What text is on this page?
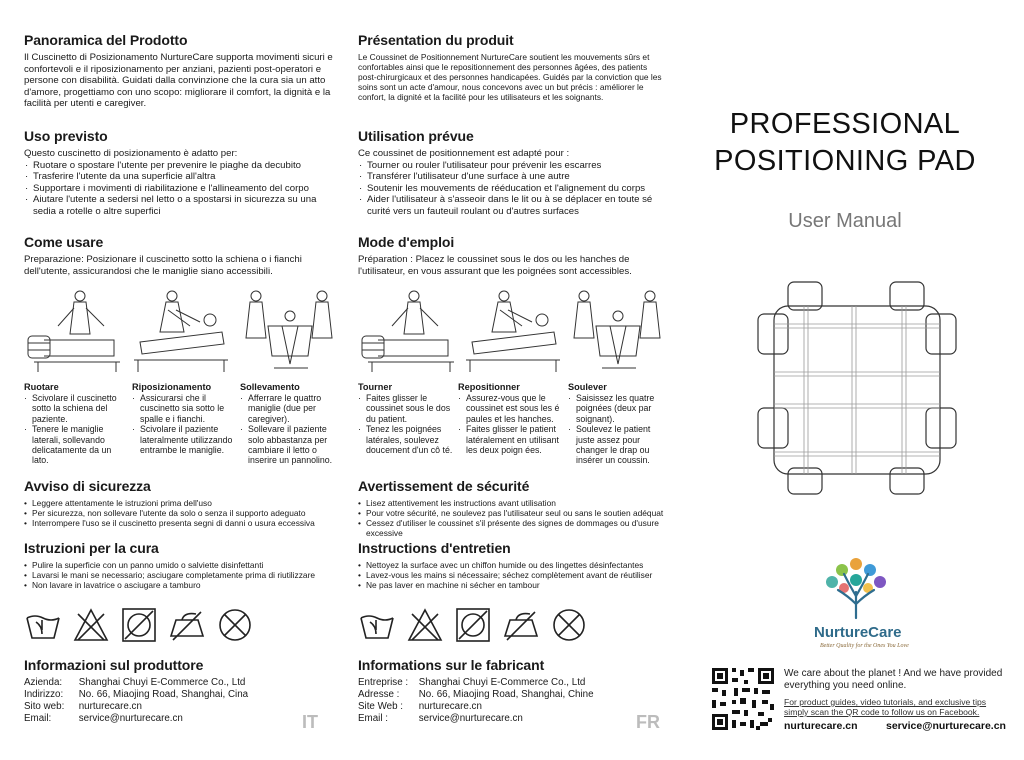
Panoramica del Prodotto

Il Cuscinetto di Posizionamento NurtureCare supporta movimenti sicuri e confortevoli e il riposizionamento per anziani, pazienti post-operatori e persone con disabilità. Guidati dalla convinzione che la cura sia un atto d'amore, progettiamo con uno scopo: migliorare il comfort, la dignità e la facilità per utenti e caregiver.

Uso previsto

Questo cuscinetto di posizionamento è adatto per:

· Ruotare o spostare l'utente per prevenire le piaghe da decubito
· Trasferire l'utente da una superficie all'altra
· Supportare i movimenti di riabilitazione e l'allineamento del corpo
· Aiutare l'utente a sedersi nel letto o a spostarsi in sicurezza su una sedia a rotelle o altre superfici
Come usare

Preparazione: Posizionare il cuscinetto sotto la schiena o i fianchi dell'utente, assicurandosi che le maniglie siano accessibili.

Ruotare

· Scivolare il cuscinetto sotto la schiena del paziente.
· Tenere le maniglie laterali, sollevando delicatamente da un lato.

Riposizionamento

· Assicurarsi che il cuscinetto sia sotto le spalle e i fianchi.
· Scivolare il paziente lateralmente utilizzando entrambe le maniglie.

Sollevamento

· Afferrare le quattro maniglie (due per caregiver).
· Sollevare il paziente solo abbastanza per cambiare il letto o inserire un pannolino.
Avviso di sicurezza
• Leggere attentamente le istruzioni prima dell'uso
• Per sicurezza, non sollevare l'utente da solo o senza il supporto adeguato
• Interrompere l'uso se il cuscinetto presenta segni di danni o usura eccessiva
Istruzioni per la cura
• Pulire la superficie con un panno umido o salviette disinfettanti
• Lavarsi le mani se necessario; asciugare completamente prima di riutilizzare
• Non lavare in lavatrice o asciugare a tamburo
Informazioni sul produttore
Azienda: Shanghai Chuyi E-Commerce Co., Ltd
Indirizzo: No. 66, Miaojing Road, Shanghai, Cina
Sito web: nurturecare.cn
Email:	service@nurturecare.cn	IT
Présentation du produit

Le Coussinet de Positionnement NurtureCare soutient les mouvements sûrs et confortables ainsi que le repositionnement des personnes âgées, des patients post-chirurgicaux et des personnes handicapées. Guidés par la conviction que les soins sont un acte d'amour, nous concevons avec un but précis : améliorer le confort, la dignité et la facilité pour les utilisateurs et les soignants.

Utilisation prévue

Ce coussinet de positionnement est adapté pour :

· Tourner ou rouler l'utilisateur pour prévenir les escarres
· Transférer l'utilisateur d'une surface à une autre
· Soutenir les mouvements de rééducation et l'alignement du corps
· Aider l'utilisateur à s'asseoir dans le lit ou à se déplacer en toute sé curité vers un fauteuil roulant ou d'autres surfaces
Mode d'emploi

Préparation : Placez le coussinet sous le dos ou les hanches de l'utilisateur, en vous assurant que les poignées sont accessibles.

Tourner

· Faites glisser le coussinet sous le dos du patient.
· Tenez les poignées latérales, soulevez doucement d'un cô té.

Repositionner

· Assurez-vous que le coussinet est sous les é paules et les hanches.
· Faites glisser le patient latéralement en utilisant les deux poign ées.

Soulever

· Saisissez les quatre poignées (deux par soignant).
· Soulevez le patient juste assez pour changer le drap ou insérer un coussin.
Avertissement de sécurité
• Lisez attentivement les instructions avant utilisation
• Pour votre sécurité, ne soulevez pas l'utilisateur seul ou sans le soutien adéquat
• Cessez d'utiliser le coussinet s'il présente des signes de dommages ou d'usure excessive
Instructions d'entretien
• Nettoyez la surface avec un chiffon humide ou des lingettes désinfectantes
• Lavez-vous les mains si nécessaire; séchez complètement avant de réutiliser
• Ne pas laver en machine ni sécher en tambour
Informations sur le fabricant
Entreprise : Shanghai Chuyi E-Commerce Co., Ltd
Adresse : No. 66, Miaojing Road, Shanghai, Chine
Site Web : nurturecare.cn
Email :	service@nurturecare.cn	FR
PROFESSIONAL
POSITIONING PAD
User Manual
NurtureCare
Better Quality for the Ones You Love
We care about the planet ! And we have provided everything you need online.
For product guides, video tutorials, and exclusive tips simply scan the QR code to follow us on Facebook.
nurturecare.cn	service@nurturecare.cn
